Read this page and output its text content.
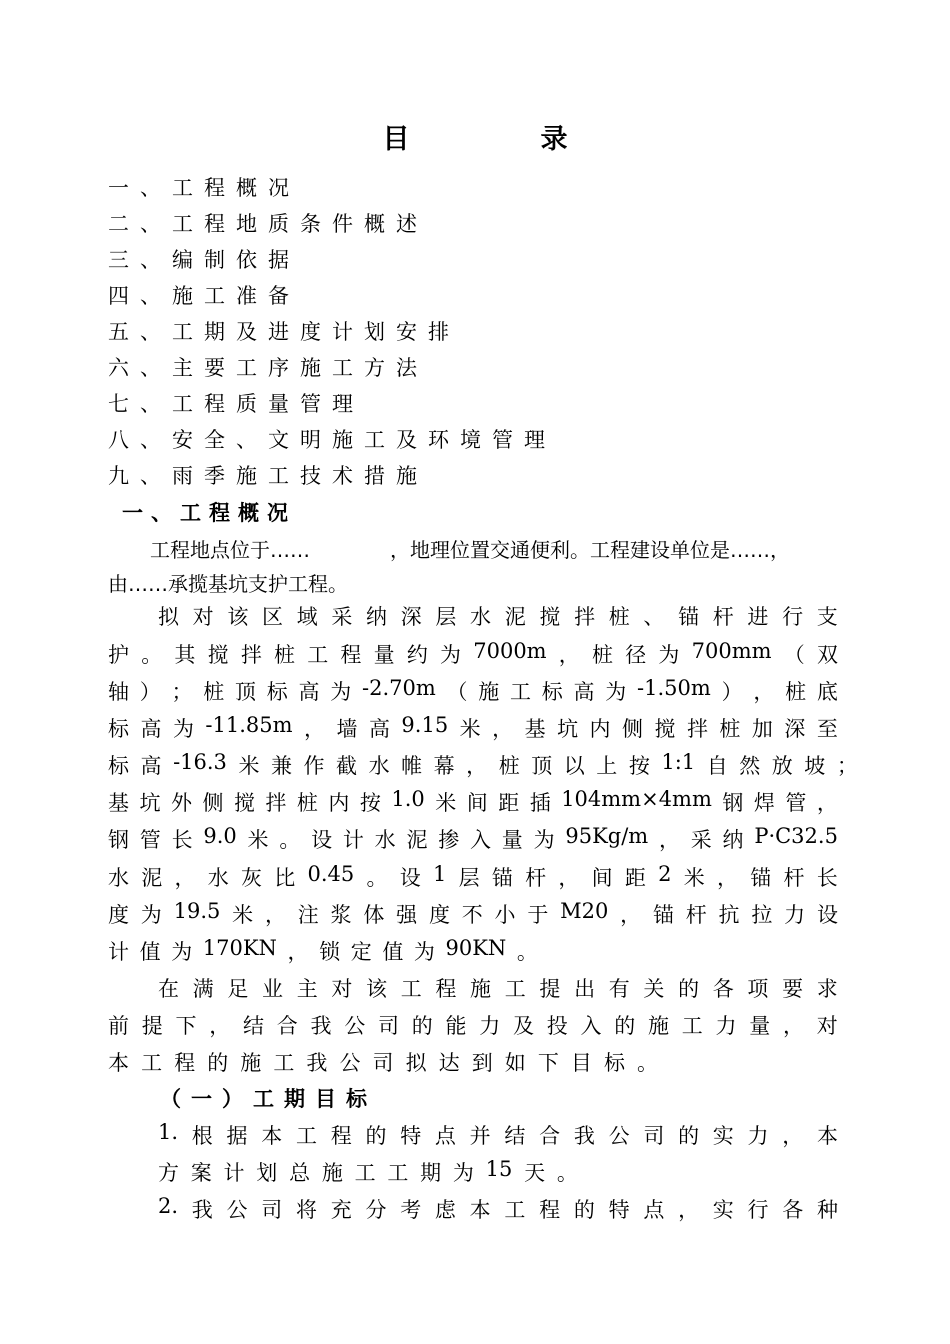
目　录
一、工程概况
二、工程地质条件概述
三、编制依据
四、施工准备
五、工期及进度计划安排
六、主要工序施工方法
七、工程质量管理
八、安全、文明施工及环境管理
九、雨季施工技术措施
一、工程概况
工程地点位于……　　　　，地理位置交通便利。工程建设单位是……，
由……承揽基坑支护工程。
拟 对 该 区 域 采 纳 深 层 水 泥 搅 拌 桩 、 锚 杆 进 行 支
护 。 其 搅 拌 桩 工 程 量 约 为 7000m ， 桩 径 为 700mm （ 双
轴 ） ； 桩 顶 标 高 为 -2.70m （ 施 工 标 高 为 -1.50m ） ， 桩 底
标 高 为 -11.85m ， 墙 高 9.15 米 ， 基 坑 内 侧 搅 拌 桩 加 深 至
标 高 -16.3 米 兼 作 截 水 帷 幕 ， 桩 顶 以 上 按 1:1 自 然 放 坡 ；
基 坑 外 侧 搅 拌 桩 内 按 1.0 米 间 距 插 104mm×4mm 钢 焊 管 ，
钢 管 长 9.0 米 。 设 计 水 泥 掺 入 量 为 95Kg/m ， 采 纳 P·C32.5
水 泥 ， 水 灰 比 0.45 。 设 1 层 锚 杆 ， 间 距 2 米 ， 锚 杆 长
度 为 19.5 米 ， 注 浆 体 强 度 不 小 于 M20 ， 锚 杆 抗 拉 力 设
计 值 为 170KN ， 锁 定 值 为 90KN 。
在 满 足 业 主 对 该 工 程 施 工 提 出 有 关 的 各 项 要 求
前 提 下 ， 结 合 我 公 司 的 能 力 及 投 入 的 施 工 力 量 ， 对
本 工 程 的 施 工 我 公 司 拟 达 到 如 下 目 标 。
（一）工期目标
1. 根 据 本 工 程 的 特 点 并 结 合 我 公 司 的 实 力 ， 本
方 案 计 划 总 施 工 工 期 为 15 天 。
2. 我 公 司 将 充 分 考 虑 本 工 程 的 特 点 ， 实 行 各 种
